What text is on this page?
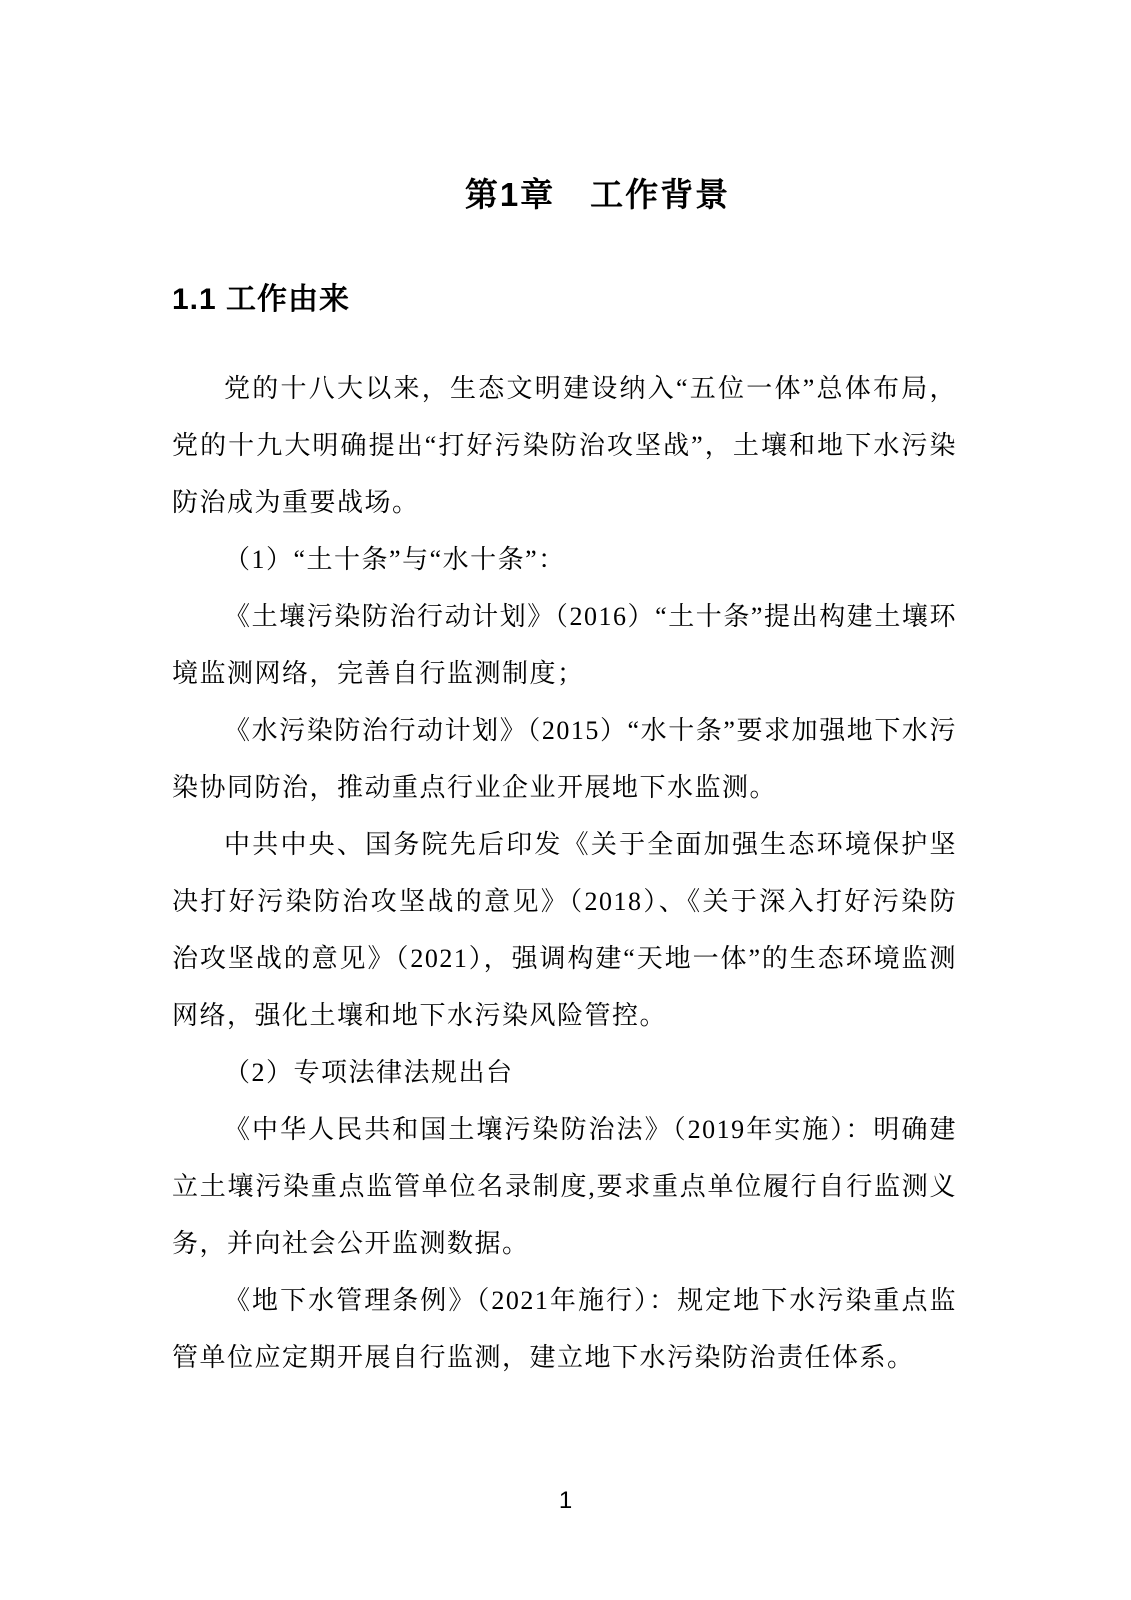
第1章　工作背景
1.1 工作由来

党的十八大以来，生态文明建设纳入“五位一体”总体布局，党的十九大明确提出“打好污染防治攻坚战”，土壤和地下水污染防治成为重要战场。

（1）“土十条”与“水十条”：

《土壤污染防治行动计划》（2016）“土十条”提出构建土壤环境监测网络，完善自行监测制度；

《水污染防治行动计划》（2015）“水十条”要求加强地下水污染协同防治，推动重点行业企业开展地下水监测。

中共中央、国务院先后印发《关于全面加强生态环境保护坚决打好污染防治攻坚战的意见》（2018）、《关于深入打好污染防治攻坚战的意见》（2021），强调构建“天地一体”的生态环境监测网络，强化土壤和地下水污染风险管控。

（2）专项法律法规出台

《中华人民共和国土壤污染防治法》（2019年实施）：明确建立土壤污染重点监管单位名录制度,要求重点单位履行自行监测义务，并向社会公开监测数据。

《地下水管理条例》（2021年施行）：规定地下水污染重点监管单位应定期开展自行监测，建立地下水污染防治责任体系。

1
